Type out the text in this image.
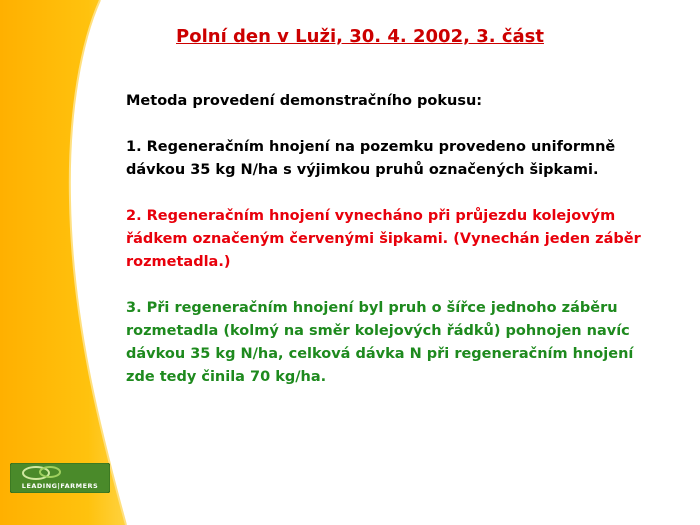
LEADING|FARMERS
Polní den v Luži, 30. 4. 2002, 3. část

Metoda provedení demonstračního pokusu:

1. Regeneračním hnojení na pozemku provedeno uniformně dávkou 35 kg N/ha s výjimkou pruhů označených šipkami.

2. Regeneračním hnojení vynecháno při průjezdu kolejovým řádkem označeným červenými šipkami. (Vynechán jeden záběr rozmetadla.)

3. Při regeneračním hnojení byl pruh o šířce jednoho záběru rozmetadla (kolmý na směr kolejových řádků) pohnojen navíc dávkou 35 kg N/ha, celková dávka N při regeneračním hnojení zde tedy činila 70 kg/ha.
